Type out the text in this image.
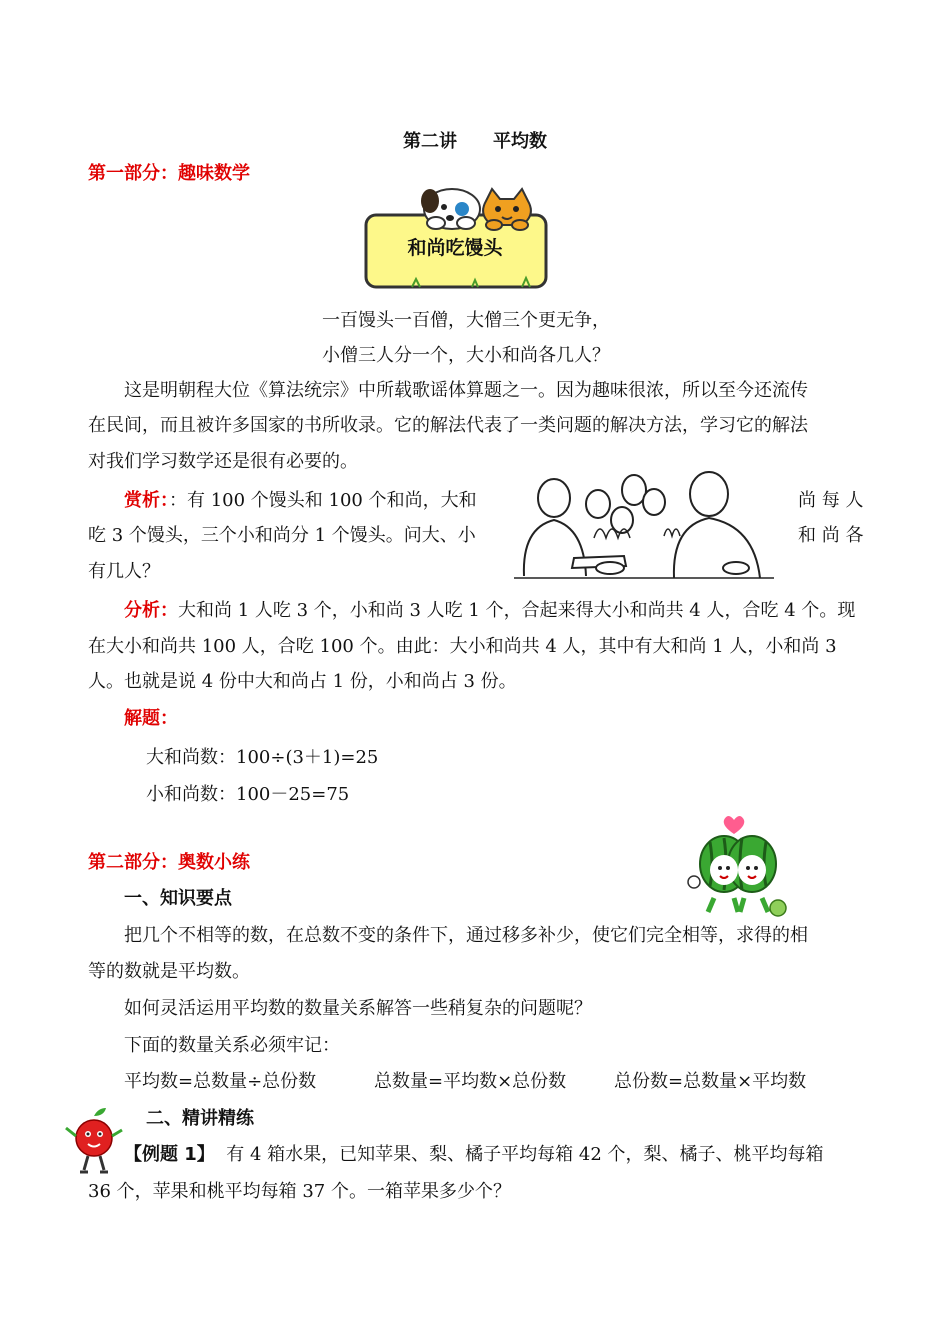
第二讲　　平均数
第一部分：趣味数学
和尚吃馒头
一百馒头一百僧，大僧三个更无争，
小僧三人分一个，大小和尚各几人？
这是明朝程大位《算法统宗》中所载歌谣体算题之一。因为趣味很浓，所以至今还流传
在民间，而且被许多国家的书所收录。它的解法代表了一类问题的解决方法，学习它的解法
对我们学习数学还是很有必要的。
赏析：：有 100 个馒头和 100 个和尚，大和	尚 每 人
吃 3 个馒头，三个小和尚分 1 个馒头。问大、小	和 尚 各
有几人？
分析：大和尚 1 人吃 3 个，小和尚 3 人吃 1 个，合起来得大小和尚共 4 人，合吃 4 个。现
在大小和尚共 100 人，合吃 100 个。由此：大小和尚共 4 人，其中有大和尚 1 人，小和尚 3
人。也就是说 4 份中大和尚占 1 份，小和尚占 3 份。
解题：
大和尚数：100÷(3＋1)=25
小和尚数：100－25=75
第二部分：奥数小练
一、知识要点
把几个不相等的数，在总数不变的条件下，通过移多补少，使它们完全相等，求得的相
等的数就是平均数。
如何灵活运用平均数的数量关系解答一些稍复杂的问题呢？
下面的数量关系必须牢记：
平均数=总数量÷总份数	总数量=平均数×总份数	总份数=总数量×平均数
二、精讲精练
【例题 1】 有 4 箱水果，已知苹果、梨、橘子平均每箱 42 个，梨、橘子、桃平均每箱
36 个，苹果和桃平均每箱 37 个。一箱苹果多少个？
